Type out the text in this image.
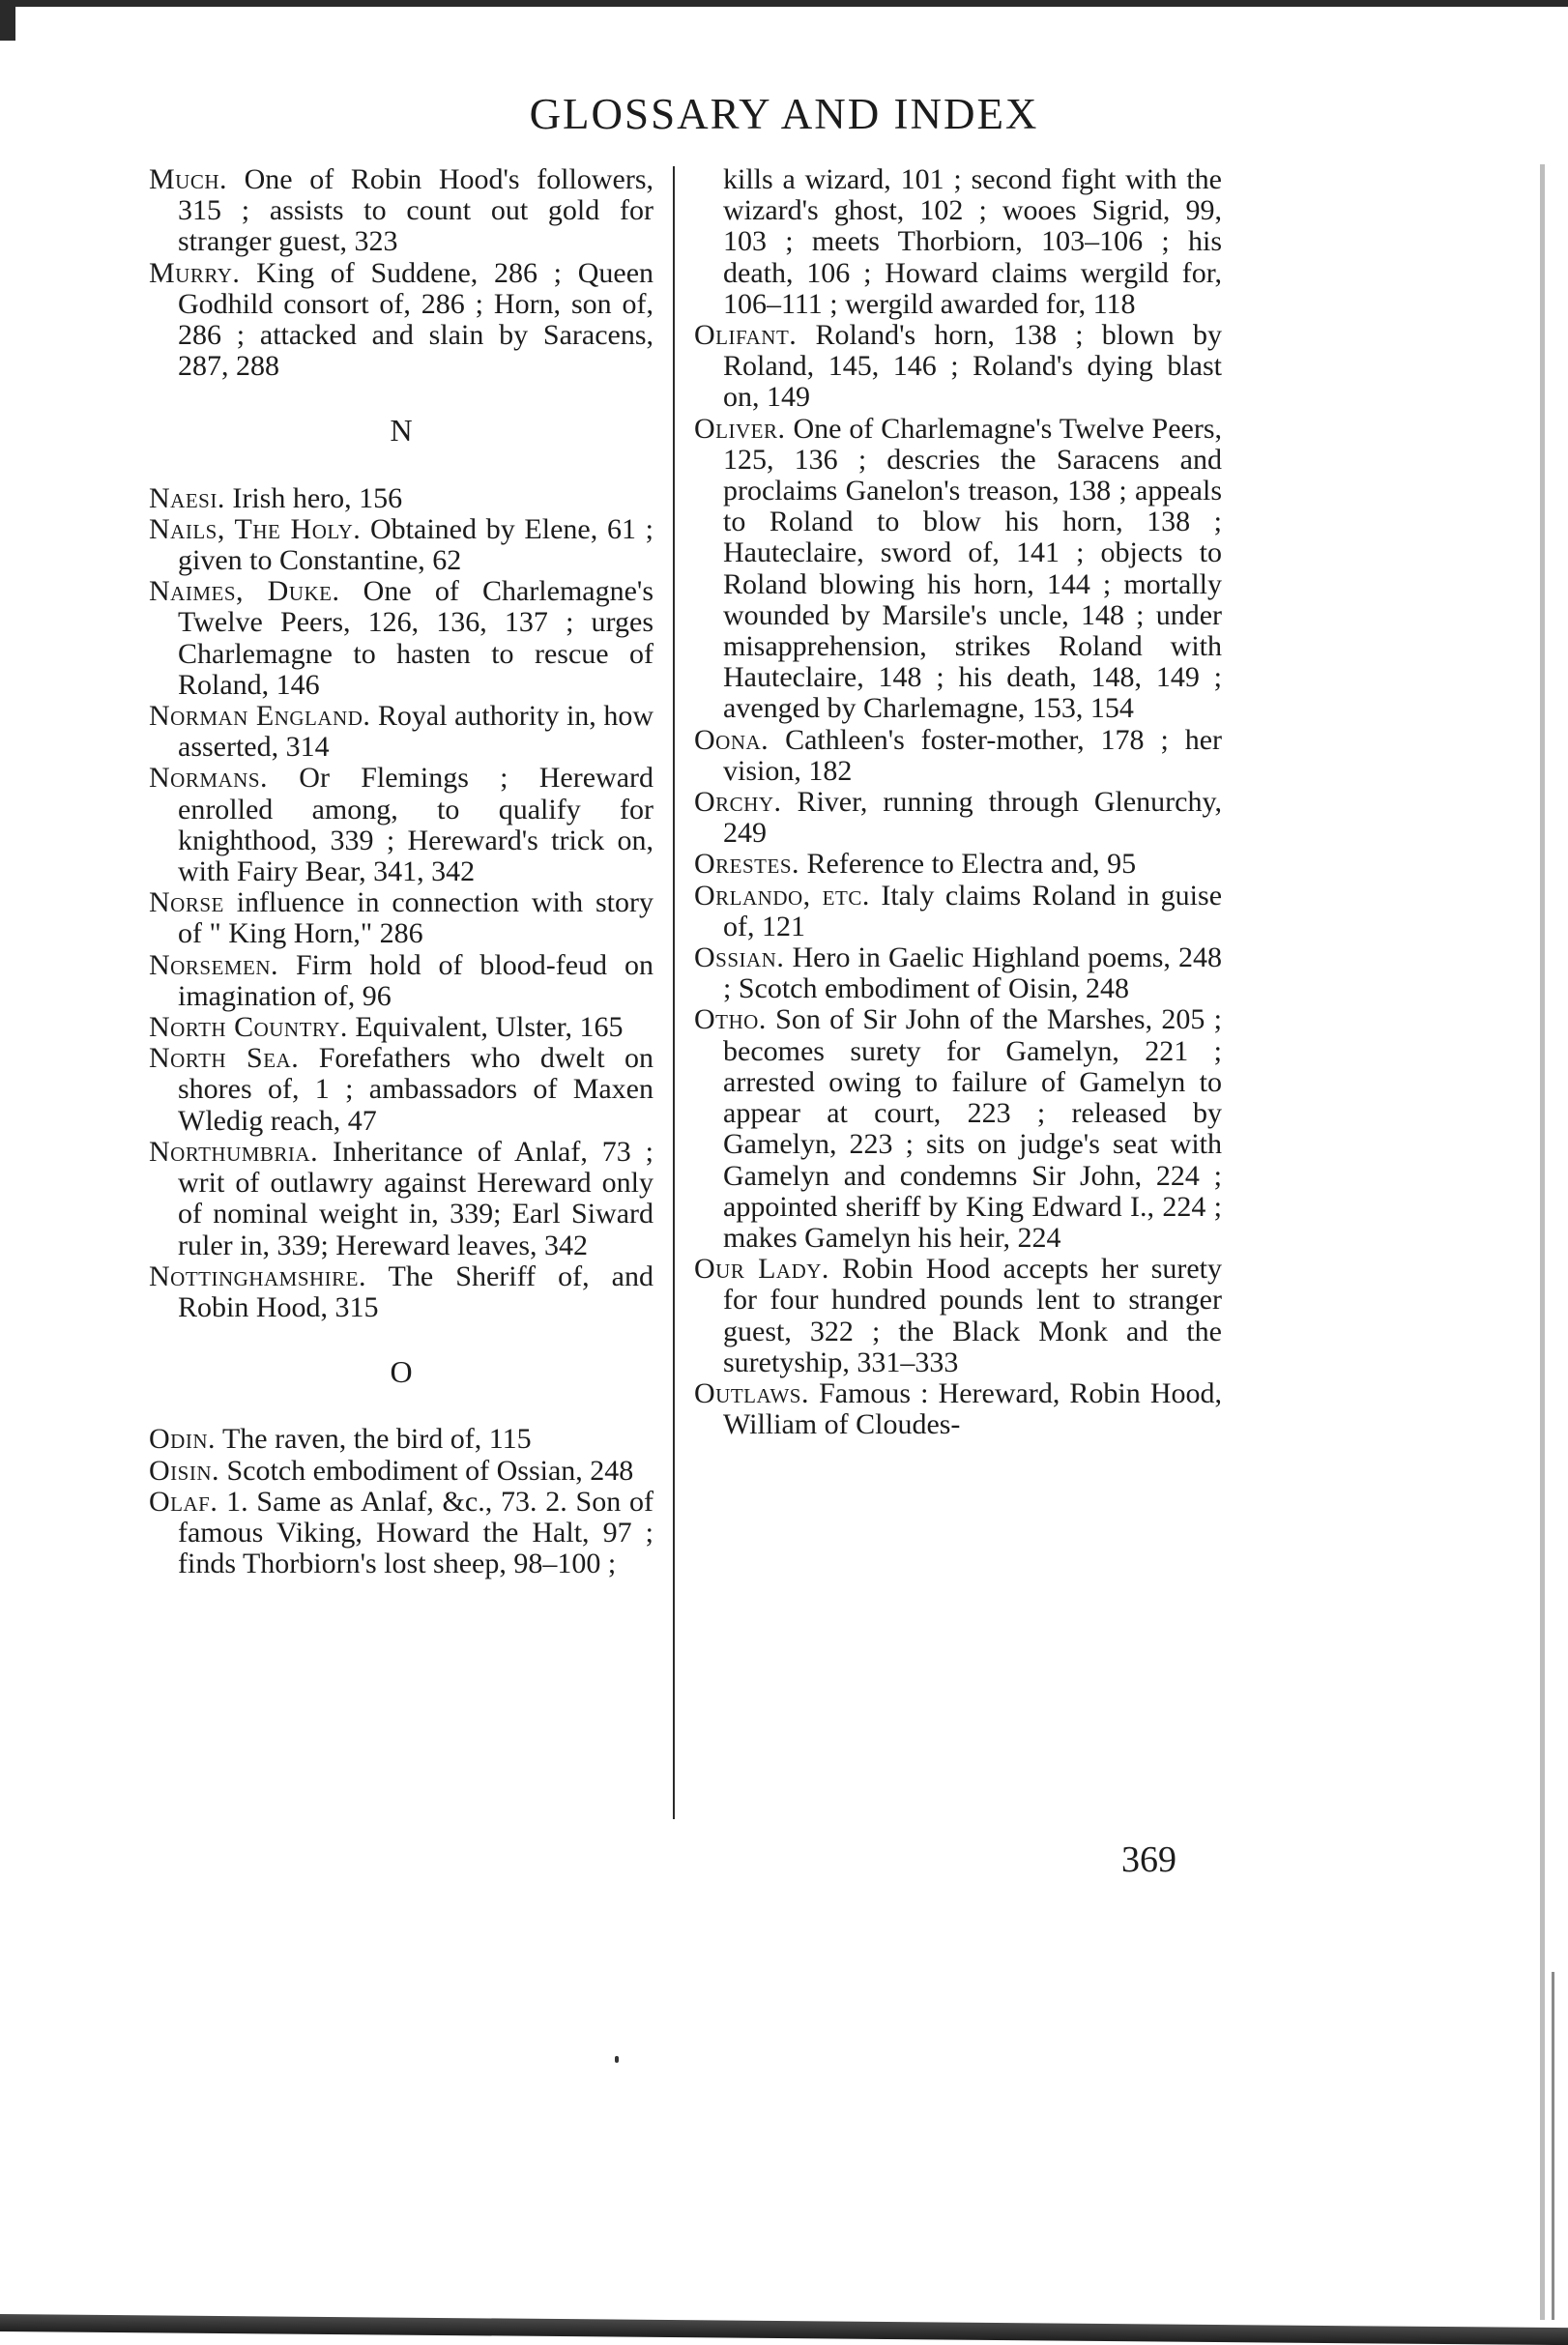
GLOSSARY AND INDEX

Much. One of Robin Hood's followers, 315 ; assists to count out gold for stranger guest, 323

Murry. King of Suddene, 286 ; Queen Godhild consort of, 286 ; Horn, son of, 286 ; attacked and slain by Saracens, 287, 288

N

Naesi. Irish hero, 156

Nails, The Holy. Obtained by Elene, 61 ; given to Constantine, 62

Naimes, Duke. One of Charlemagne's Twelve Peers, 126, 136, 137 ; urges Charlemagne to hasten to rescue of Roland, 146

Norman England. Royal authority in, how asserted, 314

Normans. Or Flemings ; Hereward enrolled among, to qualify for knighthood, 339 ; Hereward's trick on, with Fairy Bear, 341, 342

Norse influence in connection with story of " King Horn," 286

Norsemen. Firm hold of blood-feud on imagination of, 96

North Country. Equivalent, Ulster, 165

North Sea. Forefathers who dwelt on shores of, 1 ; ambassadors of Maxen Wledig reach, 47

Northumbria. Inheritance of Anlaf, 73 ; writ of outlawry against Hereward only of nominal weight in, 339; Earl Siward ruler in, 339; Hereward leaves, 342

Nottinghamshire. The Sheriff of, and Robin Hood, 315

O

Odin. The raven, the bird of, 115

Oisin. Scotch embodiment of Ossian, 248

Olaf. 1. Same as Anlaf, &c., 73. 2. Son of famous Viking, Howard the Halt, 97 ; finds Thorbiorn's lost sheep, 98–100 ;

kills a wizard, 101 ; second fight with the wizard's ghost, 102 ; wooes Sigrid, 99, 103 ; meets Thorbiorn, 103–106 ; his death, 106 ; Howard claims wergild for, 106–111 ; wergild awarded for, 118

Olifant. Roland's horn, 138 ; blown by Roland, 145, 146 ; Roland's dying blast on, 149

Oliver. One of Charlemagne's Twelve Peers, 125, 136 ; descries the Saracens and proclaims Ganelon's treason, 138 ; appeals to Roland to blow his horn, 138 ; Hauteclaire, sword of, 141 ; objects to Roland blowing his horn, 144 ; mortally wounded by Marsile's uncle, 148 ; under misapprehension, strikes Roland with Hauteclaire, 148 ; his death, 148, 149 ; avenged by Charlemagne, 153, 154

Oona. Cathleen's foster-mother, 178 ; her vision, 182

Orchy. River, running through Glenurchy, 249

Orestes. Reference to Electra and, 95

Orlando, etc. Italy claims Roland in guise of, 121

Ossian. Hero in Gaelic Highland poems, 248 ; Scotch embodiment of Oisin, 248

Otho. Son of Sir John of the Marshes, 205 ; becomes surety for Gamelyn, 221 ; arrested owing to failure of Gamelyn to appear at court, 223 ; released by Gamelyn, 223 ; sits on judge's seat with Gamelyn and condemns Sir John, 224 ; appointed sheriff by King Edward I., 224 ; makes Gamelyn his heir, 224

Our Lady. Robin Hood accepts her surety for four hundred pounds lent to stranger guest, 322 ; the Black Monk and the suretyship, 331–333

Outlaws. Famous : Hereward, Robin Hood, William of Cloudes-

369
